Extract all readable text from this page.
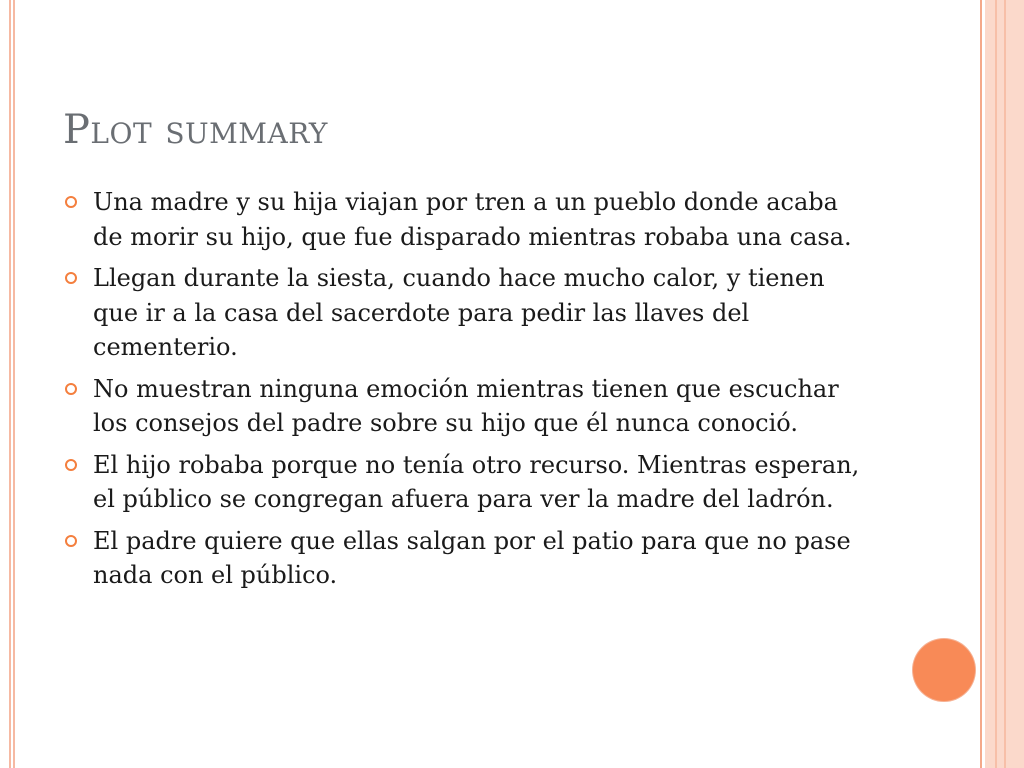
Plot summary
Una madre y su hija viajan por tren a un pueblo donde acaba de morir su hijo, que fue disparado mientras robaba una casa.
Llegan durante la siesta, cuando hace mucho calor, y tienen que ir a la casa del sacerdote para pedir las llaves del cementerio.
No muestran ninguna emoción mientras tienen que escuchar los consejos del padre sobre su hijo que él nunca conoció.
El hijo robaba porque no tenía otro recurso. Mientras esperan, el público se congregan afuera para ver la madre del ladrón.
El padre quiere que ellas salgan por el patio para que no pase nada con el público.
